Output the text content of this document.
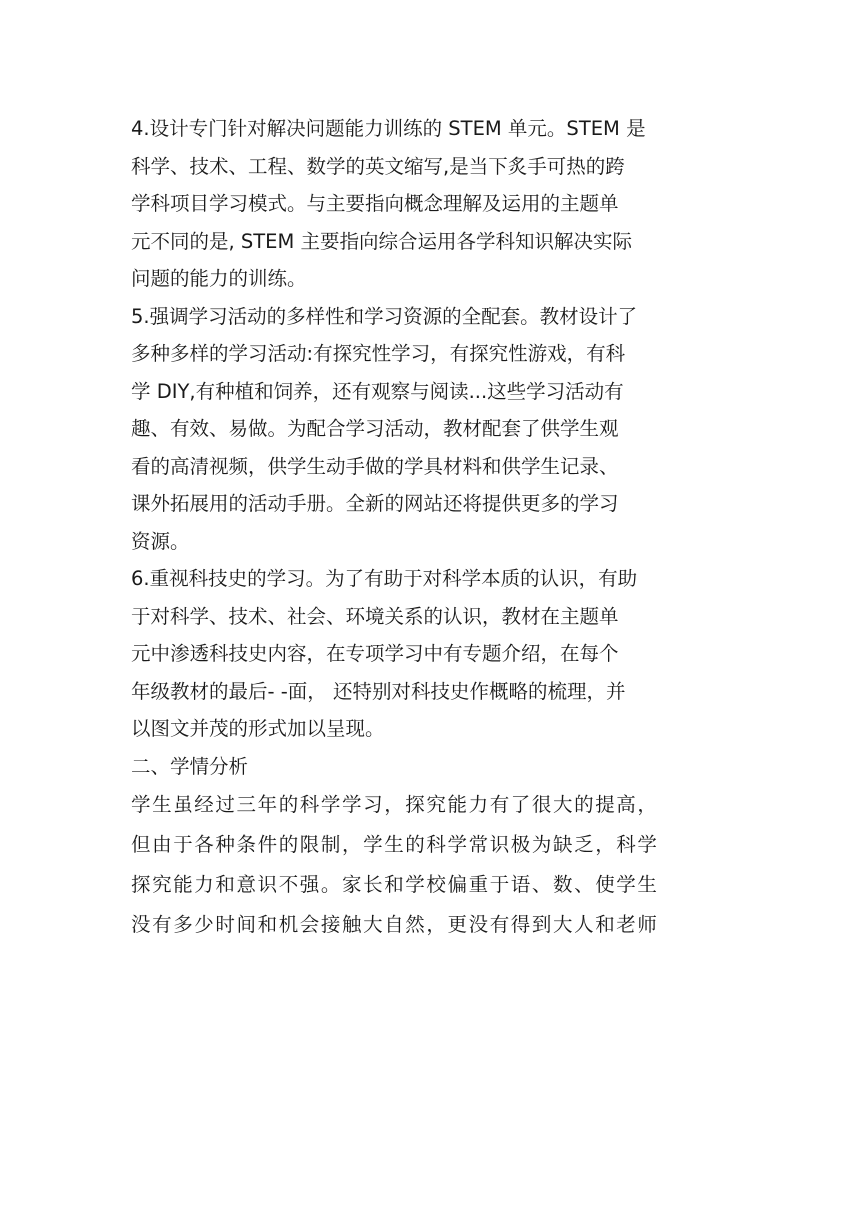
4.设计专门针对解决问题能力训练的 STEM 单元。STEM 是
科学、技术、工程、数学的英文缩写,是当下炙手可热的跨
学科项目学习模式。与主要指向概念理解及运用的主题单
元不同的是, STEM 主要指向综合运用各学科知识解决实际
问题的能力的训练。
5.强调学习活动的多样性和学习资源的全配套。教材设计了
多种多样的学习活动:有探究性学习，有探究性游戏，有科
学 DIY,有种植和饲养，还有观察与阅读...这些学习活动有
趣、有效、易做。为配合学习活动，教材配套了供学生观
看的高清视频，供学生动手做的学具材料和供学生记录、
课外拓展用的活动手册。全新的网站还将提供更多的学习
资源。
6.重视科技史的学习。为了有助于对科学本质的认识，有助
于对科学、技术、社会、环境关系的认识，教材在主题单
元中渗透科技史内容，在专项学习中有专题介绍，在每个
年级教材的最后- -面， 还特别对科技史作概略的梳理，并
以图文并茂的形式加以呈现。
二、学情分析
学生虽经过三年的科学学习，探究能力有了很大的提高，
但由于各种条件的限制，学生的科学常识极为缺乏，科学
探究能力和意识不强。家长和学校偏重于语、数、使学生
没有多少时间和机会接触大自然，更没有得到大人和老师
